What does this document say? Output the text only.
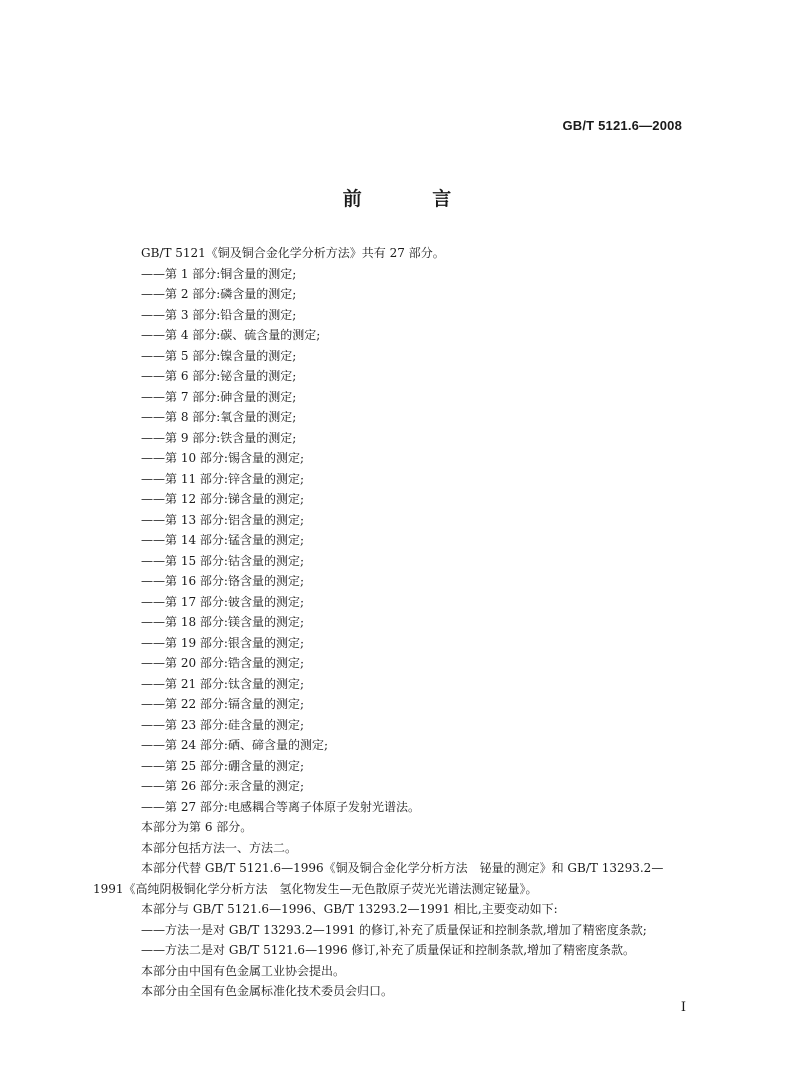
GB/T 5121.6—2008
前 言
GB/T 5121《铜及铜合金化学分析方法》共有 27 部分。
——第 1 部分:铜含量的测定;
——第 2 部分:磷含量的测定;
——第 3 部分:铅含量的测定;
——第 4 部分:碳、硫含量的测定;
——第 5 部分:镍含量的测定;
——第 6 部分:铋含量的测定;
——第 7 部分:砷含量的测定;
——第 8 部分:氧含量的测定;
——第 9 部分:铁含量的测定;
——第 10 部分:锡含量的测定;
——第 11 部分:锌含量的测定;
——第 12 部分:锑含量的测定;
——第 13 部分:铝含量的测定;
——第 14 部分:锰含量的测定;
——第 15 部分:钴含量的测定;
——第 16 部分:铬含量的测定;
——第 17 部分:铍含量的测定;
——第 18 部分:镁含量的测定;
——第 19 部分:银含量的测定;
——第 20 部分:锆含量的测定;
——第 21 部分:钛含量的测定;
——第 22 部分:镉含量的测定;
——第 23 部分:硅含量的测定;
——第 24 部分:硒、碲含量的测定;
——第 25 部分:硼含量的测定;
——第 26 部分:汞含量的测定;
——第 27 部分:电感耦合等离子体原子发射光谱法。
本部分为第 6 部分。
本部分包括方法一、方法二。
本部分代替 GB/T 5121.6—1996《铜及铜合金化学分析方法　铋量的测定》和 GB/T 13293.2—
1991《高纯阴极铜化学分析方法　氢化物发生—无色散原子荧光光谱法测定铋量》。
本部分与 GB/T 5121.6—1996、GB/T 13293.2—1991 相比,主要变动如下:
——方法一是对 GB/T 13293.2—1991 的修订,补充了质量保证和控制条款,增加了精密度条款;
——方法二是对 GB/T 5121.6—1996 修订,补充了质量保证和控制条款,增加了精密度条款。
本部分由中国有色金属工业协会提出。
本部分由全国有色金属标准化技术委员会归口。
I
